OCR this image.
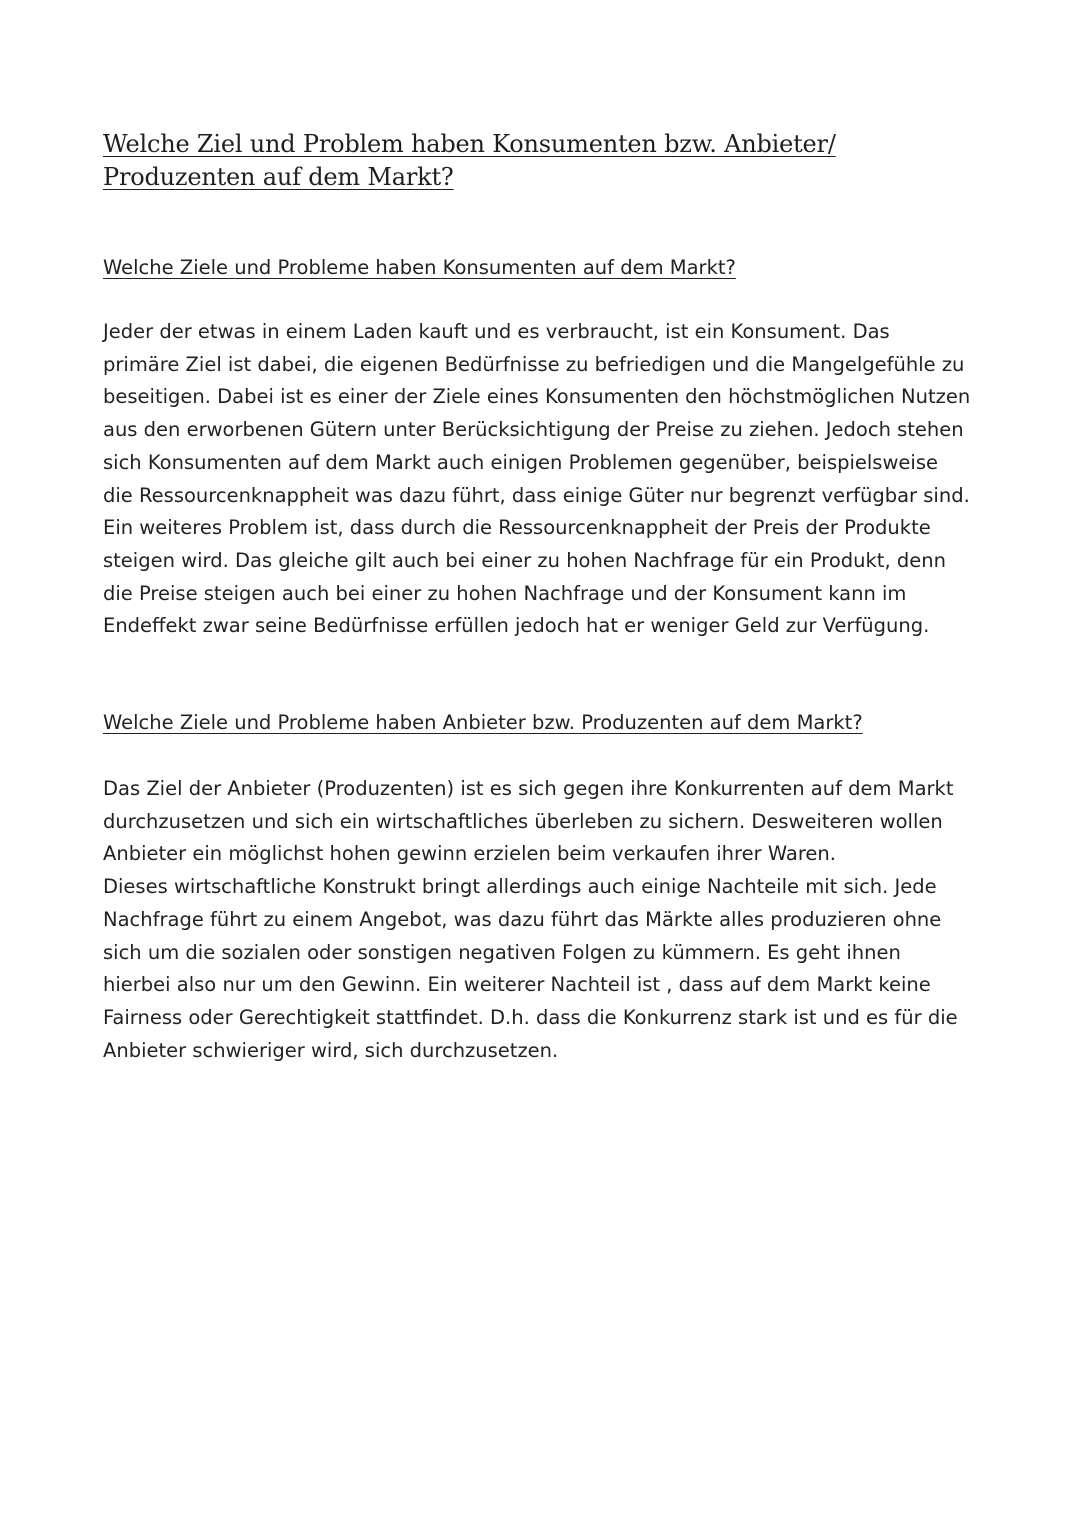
Welche Ziel und Problem haben Konsumenten bzw. Anbieter/
Produzenten auf dem Markt?
Welche Ziele und Probleme haben Konsumenten auf dem Markt?

Jeder der etwas in einem Laden kauft und es verbraucht, ist ein Konsument. Das
primäre Ziel ist dabei, die eigenen Bedürfnisse zu befriedigen und die Mangelgefühle zu
beseitigen. Dabei ist es einer der Ziele eines Konsumenten den höchstmöglichen Nutzen
aus den erworbenen Gütern unter Berücksichtigung der Preise zu ziehen. Jedoch stehen
sich Konsumenten auf dem Markt auch einigen Problemen gegenüber, beispielsweise
die Ressourcenknappheit was dazu führt, dass einige Güter nur begrenzt verfügbar sind.
Ein weiteres Problem ist, dass durch die Ressourcenknappheit der Preis der Produkte
steigen wird. Das gleiche gilt auch bei einer zu hohen Nachfrage für ein Produkt, denn
die Preise steigen auch bei einer zu hohen Nachfrage und der Konsument kann im
Endeffekt zwar seine Bedürfnisse erfüllen jedoch hat er weniger Geld zur Verfügung.

Welche Ziele und Probleme haben Anbieter bzw. Produzenten auf dem Markt?

Das Ziel der Anbieter (Produzenten) ist es sich gegen ihre Konkurrenten auf dem Markt
durchzusetzen und sich ein wirtschaftliches überleben zu sichern. Desweiteren wollen
Anbieter ein möglichst hohen gewinn erzielen beim verkaufen ihrer Waren.
Dieses wirtschaftliche Konstrukt bringt allerdings auch einige Nachteile mit sich. Jede
Nachfrage führt zu einem Angebot, was dazu führt das Märkte alles produzieren ohne
sich um die sozialen oder sonstigen negativen Folgen zu kümmern. Es geht ihnen
hierbei also nur um den Gewinn. Ein weiterer Nachteil ist , dass auf dem Markt keine
Fairness oder Gerechtigkeit stattfindet. D.h. dass die Konkurrenz stark ist und es für die
Anbieter schwieriger wird, sich durchzusetzen.
